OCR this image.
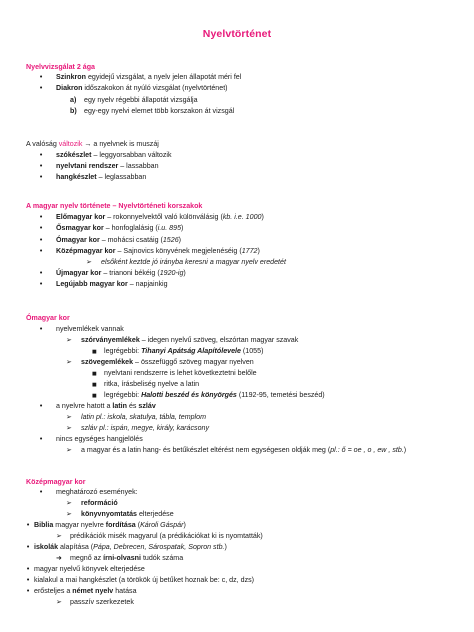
Nyelvtörténet
Nyelvvizsgálat 2 ága
• Szinkron egyidejű vizsgálat, a nyelv jelen állapotát méri fel
• Diakron időszakokon át nyúló vizsgálat (nyelvtörténet)
a) egy nyelv régebbi állapotát vizsgálja
b) egy-egy nyelvi elemet több korszakon át vizsgál
A valóság változik → a nyelvnek is muszáj
• szókészlet – leggyorsabban változik
• nyelvtani rendszer – lassabban
• hangkészlet – leglassabban
A magyar nyelv története – Nyelvtörténeti korszakok
• Előmagyar kor – rokonnyelvektől való különválásig (kb. i.e. 1000)
• Ősmagyar kor – honfoglalásig (i.u. 895)
• Ómagyar kor – mohácsi csatáig (1526)
• Középmagyar kor – Sajnovics könyvének megjelenéséig (1772)
➢ elsőként keztde jó irányba keresni a magyar nyelv eredetét
• Újmagyar kor – trianoni békéig (1920-ig)
• Legújabb magyar kor – napjainkig
Ómagyar kor
• nyelvemlékek vannak
➢ szórványemlékek – idegen nyelvű szöveg, elszórtan magyar szavak
■ legrégebbi: Tihanyi Apátság Alapítólevele (1055)
➢ szövegemlékek – összefüggő szöveg magyar nyelven
■ nyelvtani rendszerre is lehet következtetni belőle
■ ritka, írásbeliség nyelve a latin
■ legrégebbi: Halotti beszéd és könyörgés (1192-95, temetési beszéd)
• a nyelvre hatott a latin és szláv
➢ latin pl.: iskola, skatulya, tábla, templom
➢ szláv pl.: ispán, megye, király, karácsony
• nincs egységes hangjelölés
➢ a magyar és a latin hang- és betűkészlet eltérést nem egységesen oldják meg (pl.: ő = oe , o , ew , stb.)
Középmagyar kor
• meghatározó események:
➢ reformáció
➢ könyvnyomtatás elterjedése
• Biblia magyar nyelvre fordítása (Károli Gáspár)
➢ prédikációk misék magyarul (a prédikációkat ki is nyomtatták)
• iskolák alapítása (Pápa, Debrecen, Sárospatak, Sopron stb.)
➜ megnő az írni-olvasni tudók száma
• magyar nyelvű könyvek elterjedése
• kialakul a mai hangkészlet (a törökök új betűket hoznak be: c, dz, dzs)
• erősteljes a német nyelv hatása
➢ passzív szerkezetek
